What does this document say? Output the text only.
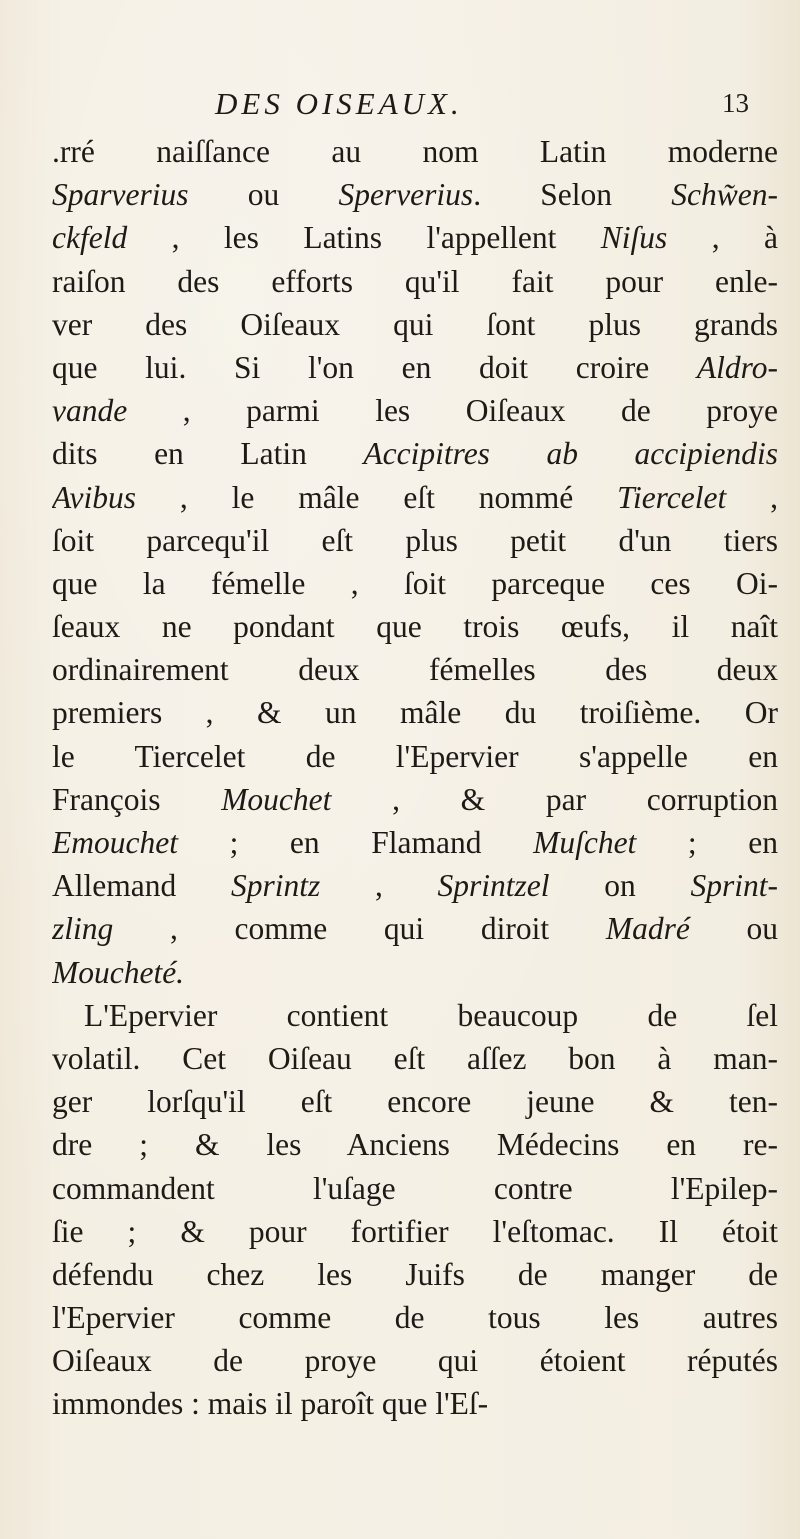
DES OISEAUX.	13
.rré naiſſance au nom Latin moderne
Sparverius ou Sperverius. Selon Schw̃en-
ckfeld , les Latins l'appellent Niſus , à
raiſon des efforts qu'il fait pour enle-
ver des Oiſeaux qui ſont plus grands
que lui. Si l'on en doit croire Aldro-
vande , parmi les Oiſeaux de proye
dits en Latin Accipitres ab accipiendis
Avibus , le mâle eſt nommé Tiercelet ,
ſoit parcequ'il eſt plus petit d'un tiers
que la fémelle , ſoit parceque ces Oi-
ſeaux ne pondant que trois œufs, il naît
ordinairement deux fémelles des deux
premiers , & un mâle du troiſième. Or
le Tiercelet de l'Epervier s'appelle en
François Mouchet , & par corruption
Emouchet ; en Flamand Muſchet ; en
Allemand Sprintz , Sprintzel on Sprint-
zling , comme qui diroit Madré ou
Moucheté.
L'Epervier contient beaucoup de ſel
volatil. Cet Oiſeau eſt aſſez bon à man-
ger lorſqu'il eſt encore jeune & ten-
dre ; & les Anciens Médecins en re-
commandent l'uſage contre l'Epilep-
ſie ; & pour fortifier l'eſtomac. Il étoit
défendu chez les Juifs de manger de
l'Epervier comme de tous les autres
Oiſeaux de proye qui étoient réputés
immondes : mais il paroît que l'Eſ-
